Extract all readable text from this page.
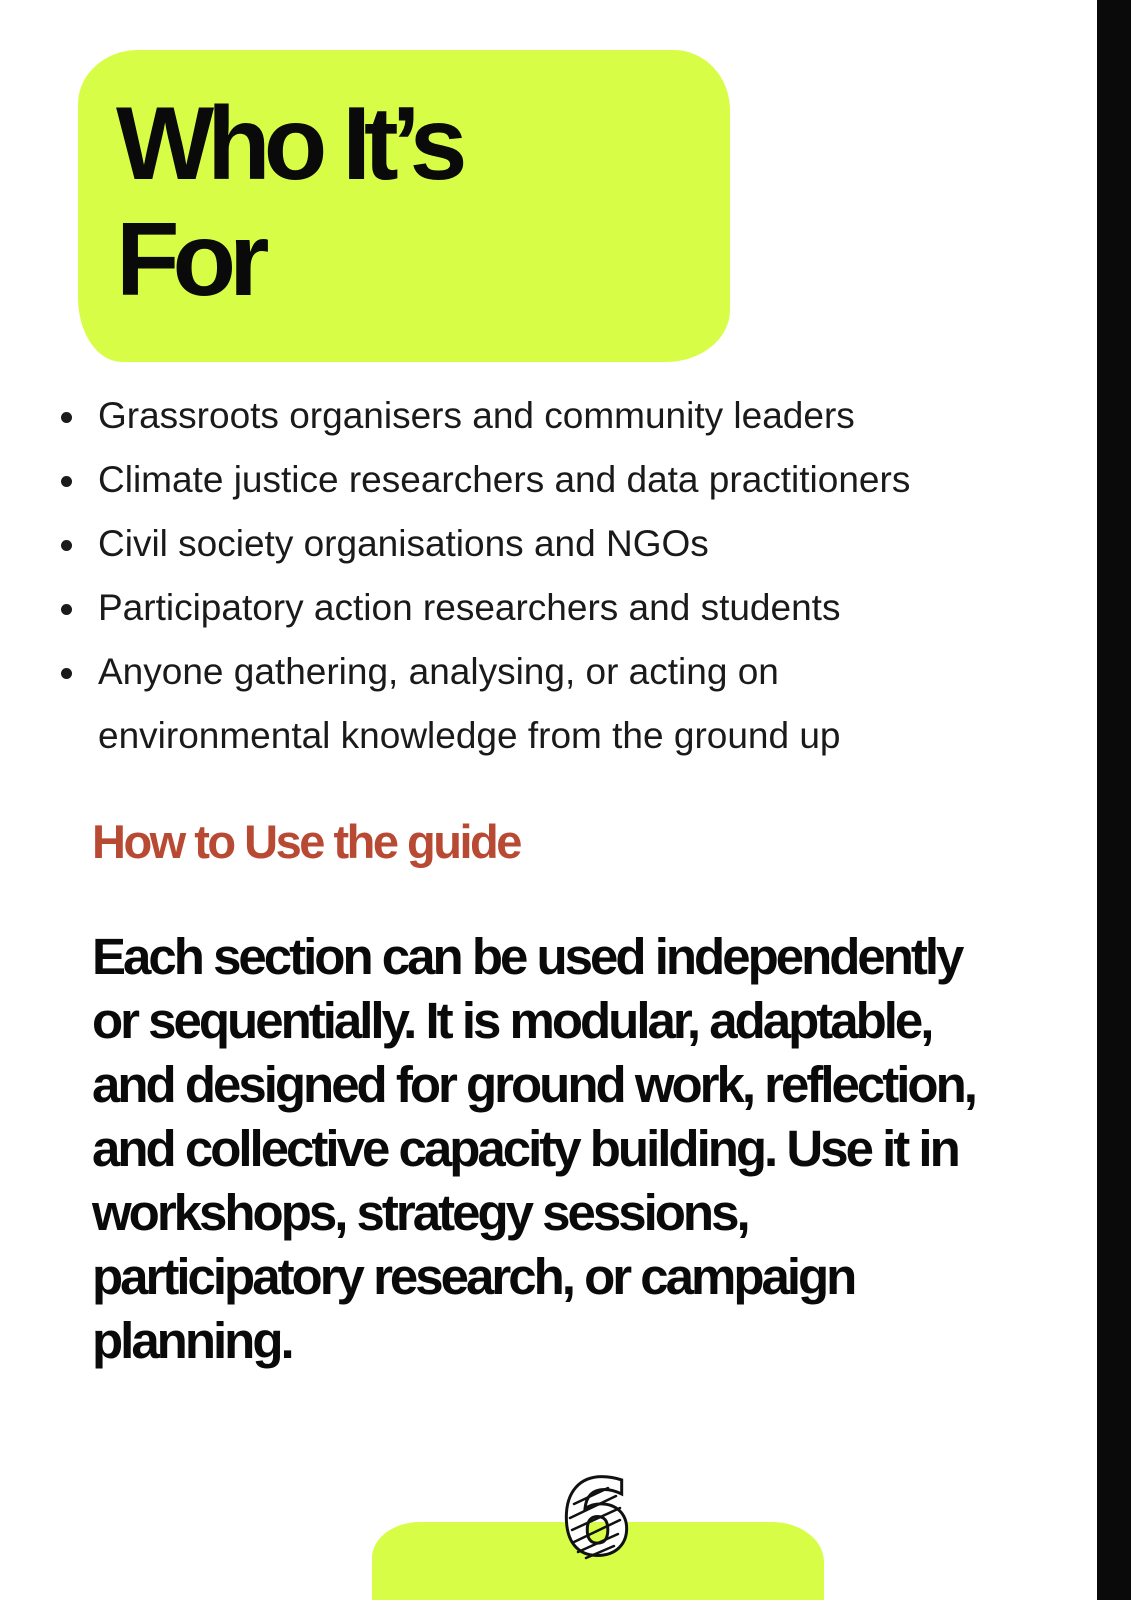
Who It’s
For
Grassroots organisers and community leaders
Climate justice researchers and data practitioners
Civil society organisations and NGOs
Participatory action researchers and students
Anyone gathering, analysing, or acting on environmental knowledge from the ground up
How to Use the guide

Each section can be used independently
or sequentially. It is modular, adaptable,
and designed for ground work, reflection,
and collective capacity building. Use it in
workshops, strategy sessions,
participatory research, or campaign
planning.

6
